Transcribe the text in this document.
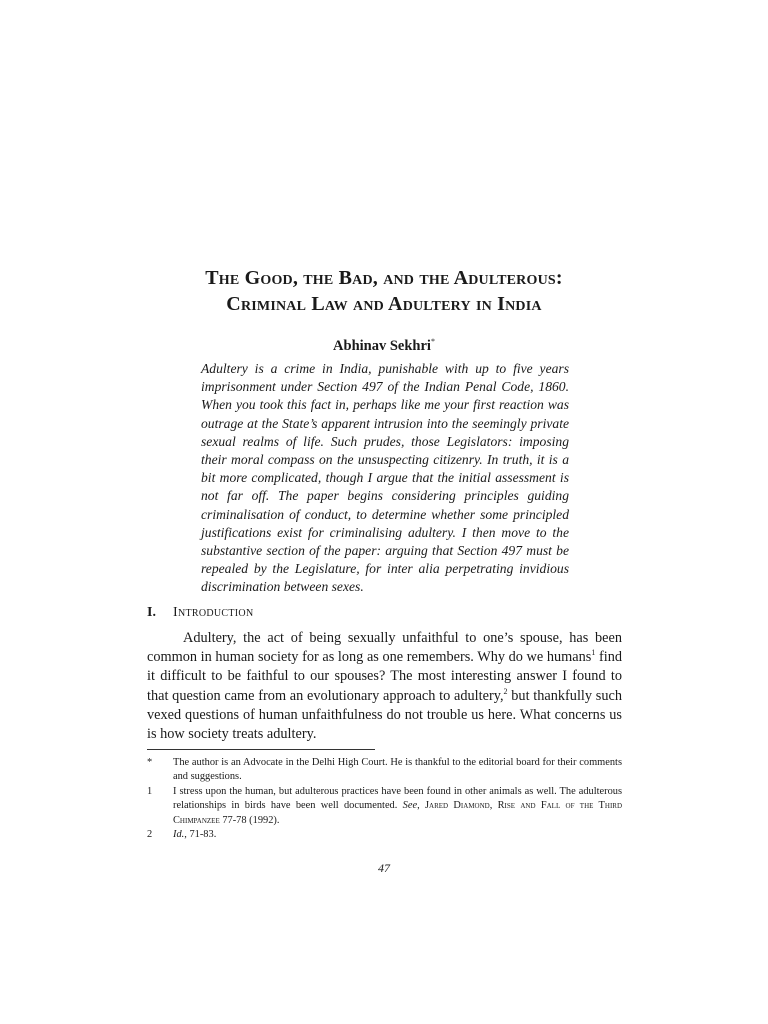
The Good, the Bad, and the Adulterous:
Criminal Law and Adultery in India
Abhinav Sekhri*

Adultery is a crime in India, punishable with up to five years imprisonment under Section 497 of the Indian Penal Code, 1860. When you took this fact in, perhaps like me your first reaction was outrage at the State’s apparent intrusion into the seemingly private sexual realms of life. Such prudes, those Legislators: imposing their moral compass on the unsuspecting citizenry. In truth, it is a bit more complicated, though I argue that the initial assessment is not far off. The paper begins considering principles guiding criminalisation of conduct, to determine whether some principled justifications exist for criminalising adultery. I then move to the substantive section of the paper: arguing that Section 497 must be repealed by the Legislature, for inter alia perpetrating invidious discrimination between sexes.

I. Introduction

Adultery, the act of being sexually unfaithful to one’s spouse, has been common in human society for as long as one remembers. Why do we humans$^1$ find it difficult to be faithful to our spouses? The most interesting answer I found to that question came from an evolutionary approach to adultery,$^2$ but thankfully such vexed questions of human unfaithfulness do not trouble us here. What concerns us is how society treats adultery.

*	The author is an Advocate in the Delhi High Court. He is thankful to the editorial board for their comments and suggestions.
1	I stress upon the human, but adulterous practices have been found in other animals as well. The adulterous relationships in birds have been well documented. See, Jared Diamond, Rise and Fall of the Third Chimpanzee 77-78 (1992).
2	Id., 71-83.
47
